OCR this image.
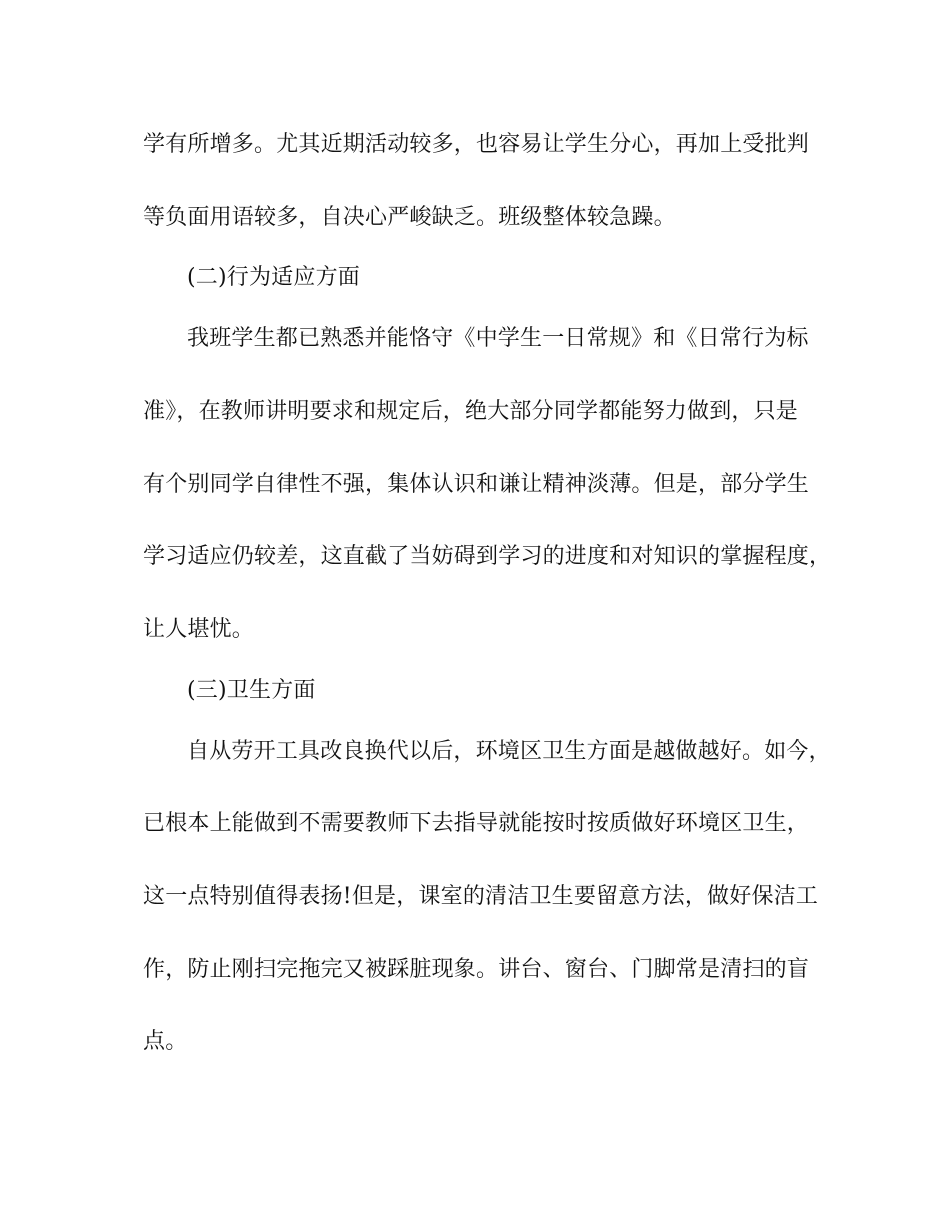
学有所增多。尤其近期活动较多，也容易让学生分心，再加上受批判
等负面用语较多，自决心严峻缺乏。班级整体较急躁。
(二)行为适应方面
我班学生都已熟悉并能恪守《中学生一日常规》和《日常行为标
准》，在教师讲明要求和规定后，绝大部分同学都能努力做到，只是
有个别同学自律性不强，集体认识和谦让精神淡薄。但是，部分学生
学习适应仍较差，这直截了当妨碍到学习的进度和对知识的掌握程度，
让人堪忧。
(三)卫生方面
自从劳开工具改良换代以后，环境区卫生方面是越做越好。如今，
已根本上能做到不需要教师下去指导就能按时按质做好环境区卫生，
这一点特别值得表扬!但是，课室的清洁卫生要留意方法，做好保洁工
作，防止刚扫完拖完又被踩脏现象。讲台、窗台、门脚常是清扫的盲
点。
